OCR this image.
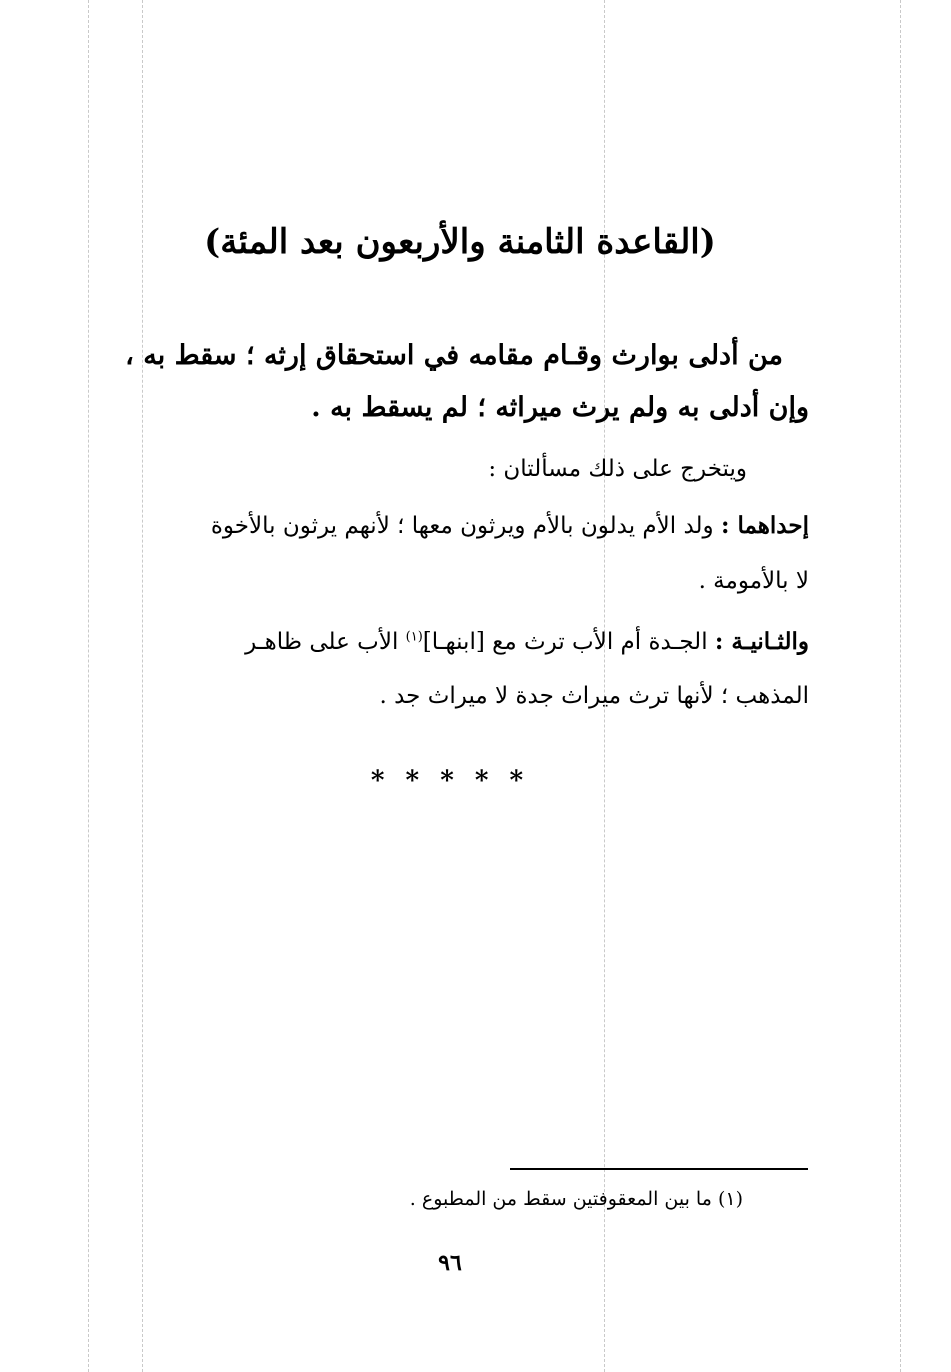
(القاعدة الثامنة والأربعون بعد المئة)
من أدلى بوارث وقـام مقامه في استحقاق إرثه ؛ سقط به ،
وإن أدلى به ولم يرث ميراثه ؛ لم يسقط به .
ويتخرج على ذلك مسألتان :
إحداهما : ولد الأم يدلون بالأم ويرثون معها ؛ لأنهم يرثون بالأخوة
لا بالأمومة .
والثـانيـة : الجـدة أم الأب ترث مع [ابنهـا]$^{(١)}$ الأب على ظاهـر
المذهب ؛ لأنها ترث ميراث جدة لا ميراث جد .
* * * * *
(١) ما بين المعقوفتين سقط من المطبوع .
٩٦
